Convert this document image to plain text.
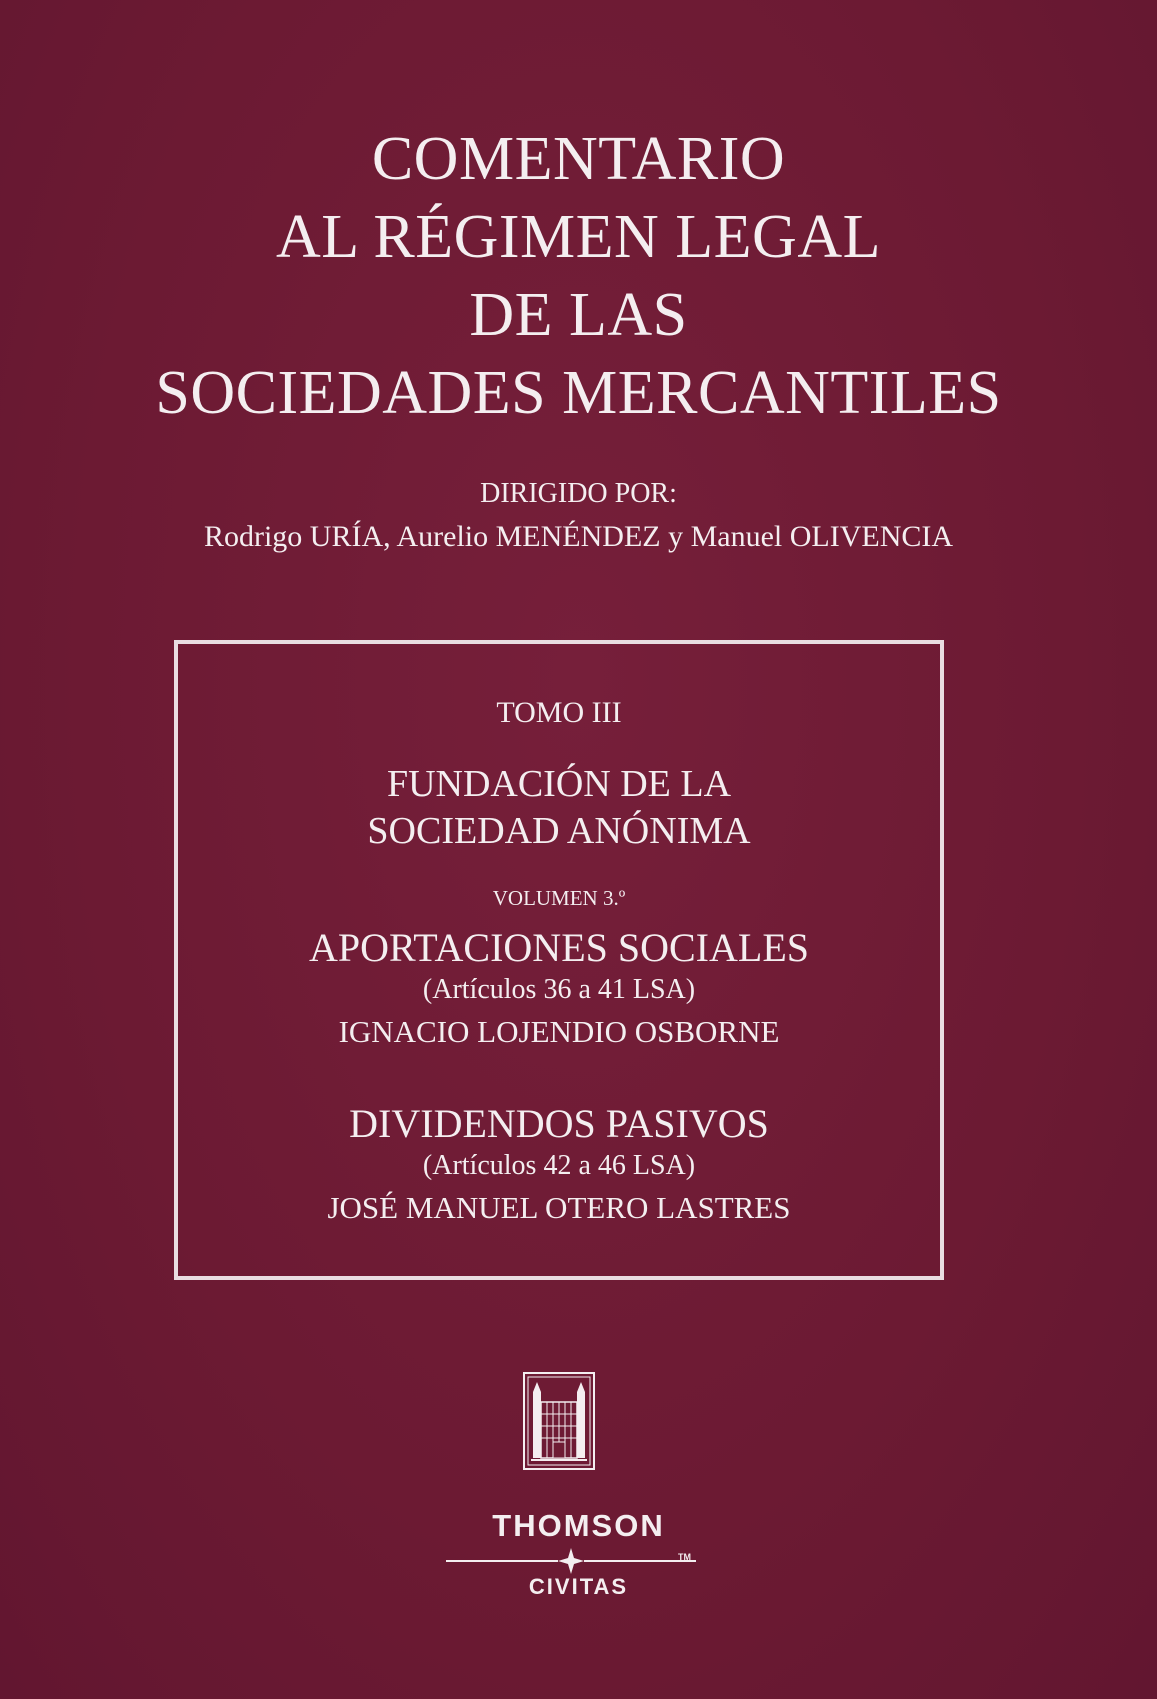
COMENTARIO
AL RÉGIMEN LEGAL
DE LAS
SOCIEDADES MERCANTILES
DIRIGIDO POR:
Rodrigo URÍA, Aurelio MENÉNDEZ y Manuel OLIVENCIA
TOMO III
FUNDACIÓN DE LA
SOCIEDAD ANÓNIMA
VOLUMEN 3.º
APORTACIONES SOCIALES
(Artículos 36 a 41 LSA)
IGNACIO LOJENDIO OSBORNE
DIVIDENDOS PASIVOS
(Artículos 42 a 46 LSA)
JOSÉ MANUEL OTERO LASTRES
THOMSON
TM
CIVITAS
